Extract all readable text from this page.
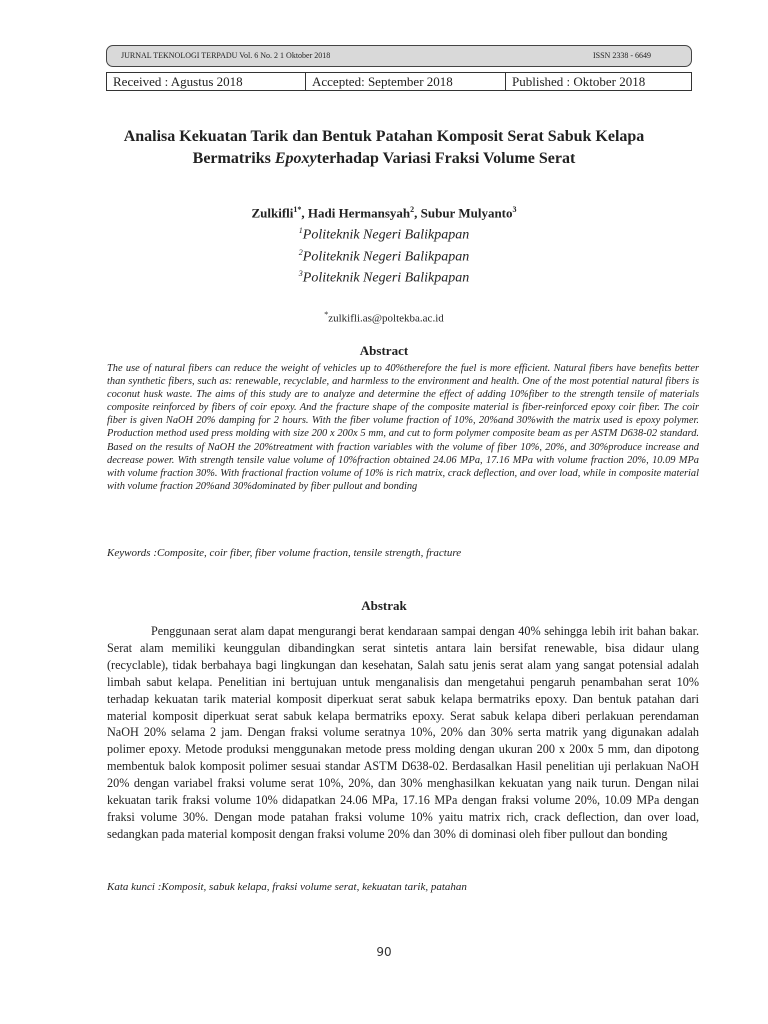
JURNAL TEKNOLOGI TERPADU Vol. 6 No. 2 1 Oktober 2018	ISSN 2338 - 6649
Received : Agustus 2018	Accepted: September 2018	Published : Oktober 2018
Analisa Kekuatan Tarik dan Bentuk Patahan Komposit Serat Sabuk Kelapa
Bermatriks Epoxyterhadap Variasi Fraksi Volume Serat
Zulkifli$^{1*}$, Hadi Hermansyah$^2$, Subur Mulyanto$^3$
$^1$Politeknik Negeri Balikpapan
$^2$Politeknik Negeri Balikpapan
$^3$Politeknik Negeri Balikpapan
*zulkifli.as@poltekba.ac.id
Abstract

The use of natural fibers can reduce the weight of vehicles up to 40%therefore the fuel is more efficient. Natural fibers have benefits better than synthetic fibers, such as: renewable, recyclable, and harmless to the environment and health. One of the most potential natural fibers is coconut husk waste. The aims of this study are to analyze and determine the effect of adding 10%fiber to the strength tensile of materials composite reinforced by fibers of coir epoxy. And the fracture shape of the composite material is fiber-reinforced epoxy coir fiber. The coir fiber is given NaOH 20% damping for 2 hours. With the fiber volume fraction of 10%, 20%and 30%with the matrix used is epoxy polymer. Production method used press molding with size 200 x 200x 5 mm, and cut to form polymer composite beam as per ASTM D638-02 standard. Based on the results of NaOH the 20%treatment with fraction variables with the volume of fiber 10%, 20%, and 30%produce increase and decrease power. With strength tensile value volume of 10%fraction obtained 24.06 MPa, 17.16 MPa with volume fraction 20%, 10.09 MPa with volume fraction 30%. With fractional fraction volume of 10% is rich matrix, crack deflection, and over load, while in composite material with volume fraction 20%and 30%dominated by fiber pullout and bonding

Keywords :Composite, coir fiber, fiber volume fraction, tensile strength, fracture
Abstrak

Penggunaan serat alam dapat mengurangi berat kendaraan sampai dengan 40% sehingga lebih irit bahan bakar. Serat alam memiliki keunggulan dibandingkan serat sintetis antara lain bersifat renewable, bisa didaur ulang (recyclable), tidak berbahaya bagi lingkungan dan kesehatan, Salah satu jenis serat alam yang sangat potensial adalah limbah sabut kelapa. Penelitian ini bertujuan untuk menganalisis dan mengetahui pengaruh penambahan serat 10% terhadap kekuatan tarik material komposit diperkuat serat sabuk kelapa bermatriks epoxy. Dan bentuk patahan dari material komposit diperkuat serat sabuk kelapa bermatriks epoxy. Serat sabuk kelapa diberi perlakuan perendaman NaOH 20% selama 2 jam. Dengan fraksi volume seratnya 10%, 20% dan 30% serta matrik yang digunakan adalah polimer epoxy. Metode produksi menggunakan metode press molding dengan ukuran 200 x 200x 5 mm, dan dipotong membentuk balok komposit polimer sesuai standar ASTM D638-02. Berdasalkan Hasil penelitian uji perlakuan NaOH 20% dengan variabel fraksi volume serat 10%, 20%, dan 30% menghasilkan kekuatan yang naik turun. Dengan nilai kekuatan tarik fraksi volume 10% didapatkan 24.06 MPa, 17.16 MPa dengan fraksi volume 20%, 10.09 MPa dengan fraksi volume 30%. Dengan mode patahan fraksi volume 10% yaitu matrix rich, crack deflection, dan over load, sedangkan pada material komposit dengan fraksi volume 20% dan 30% di dominasi oleh fiber pullout dan bonding

Kata kunci :Komposit, sabuk kelapa, fraksi volume serat, kekuatan tarik, patahan
90
